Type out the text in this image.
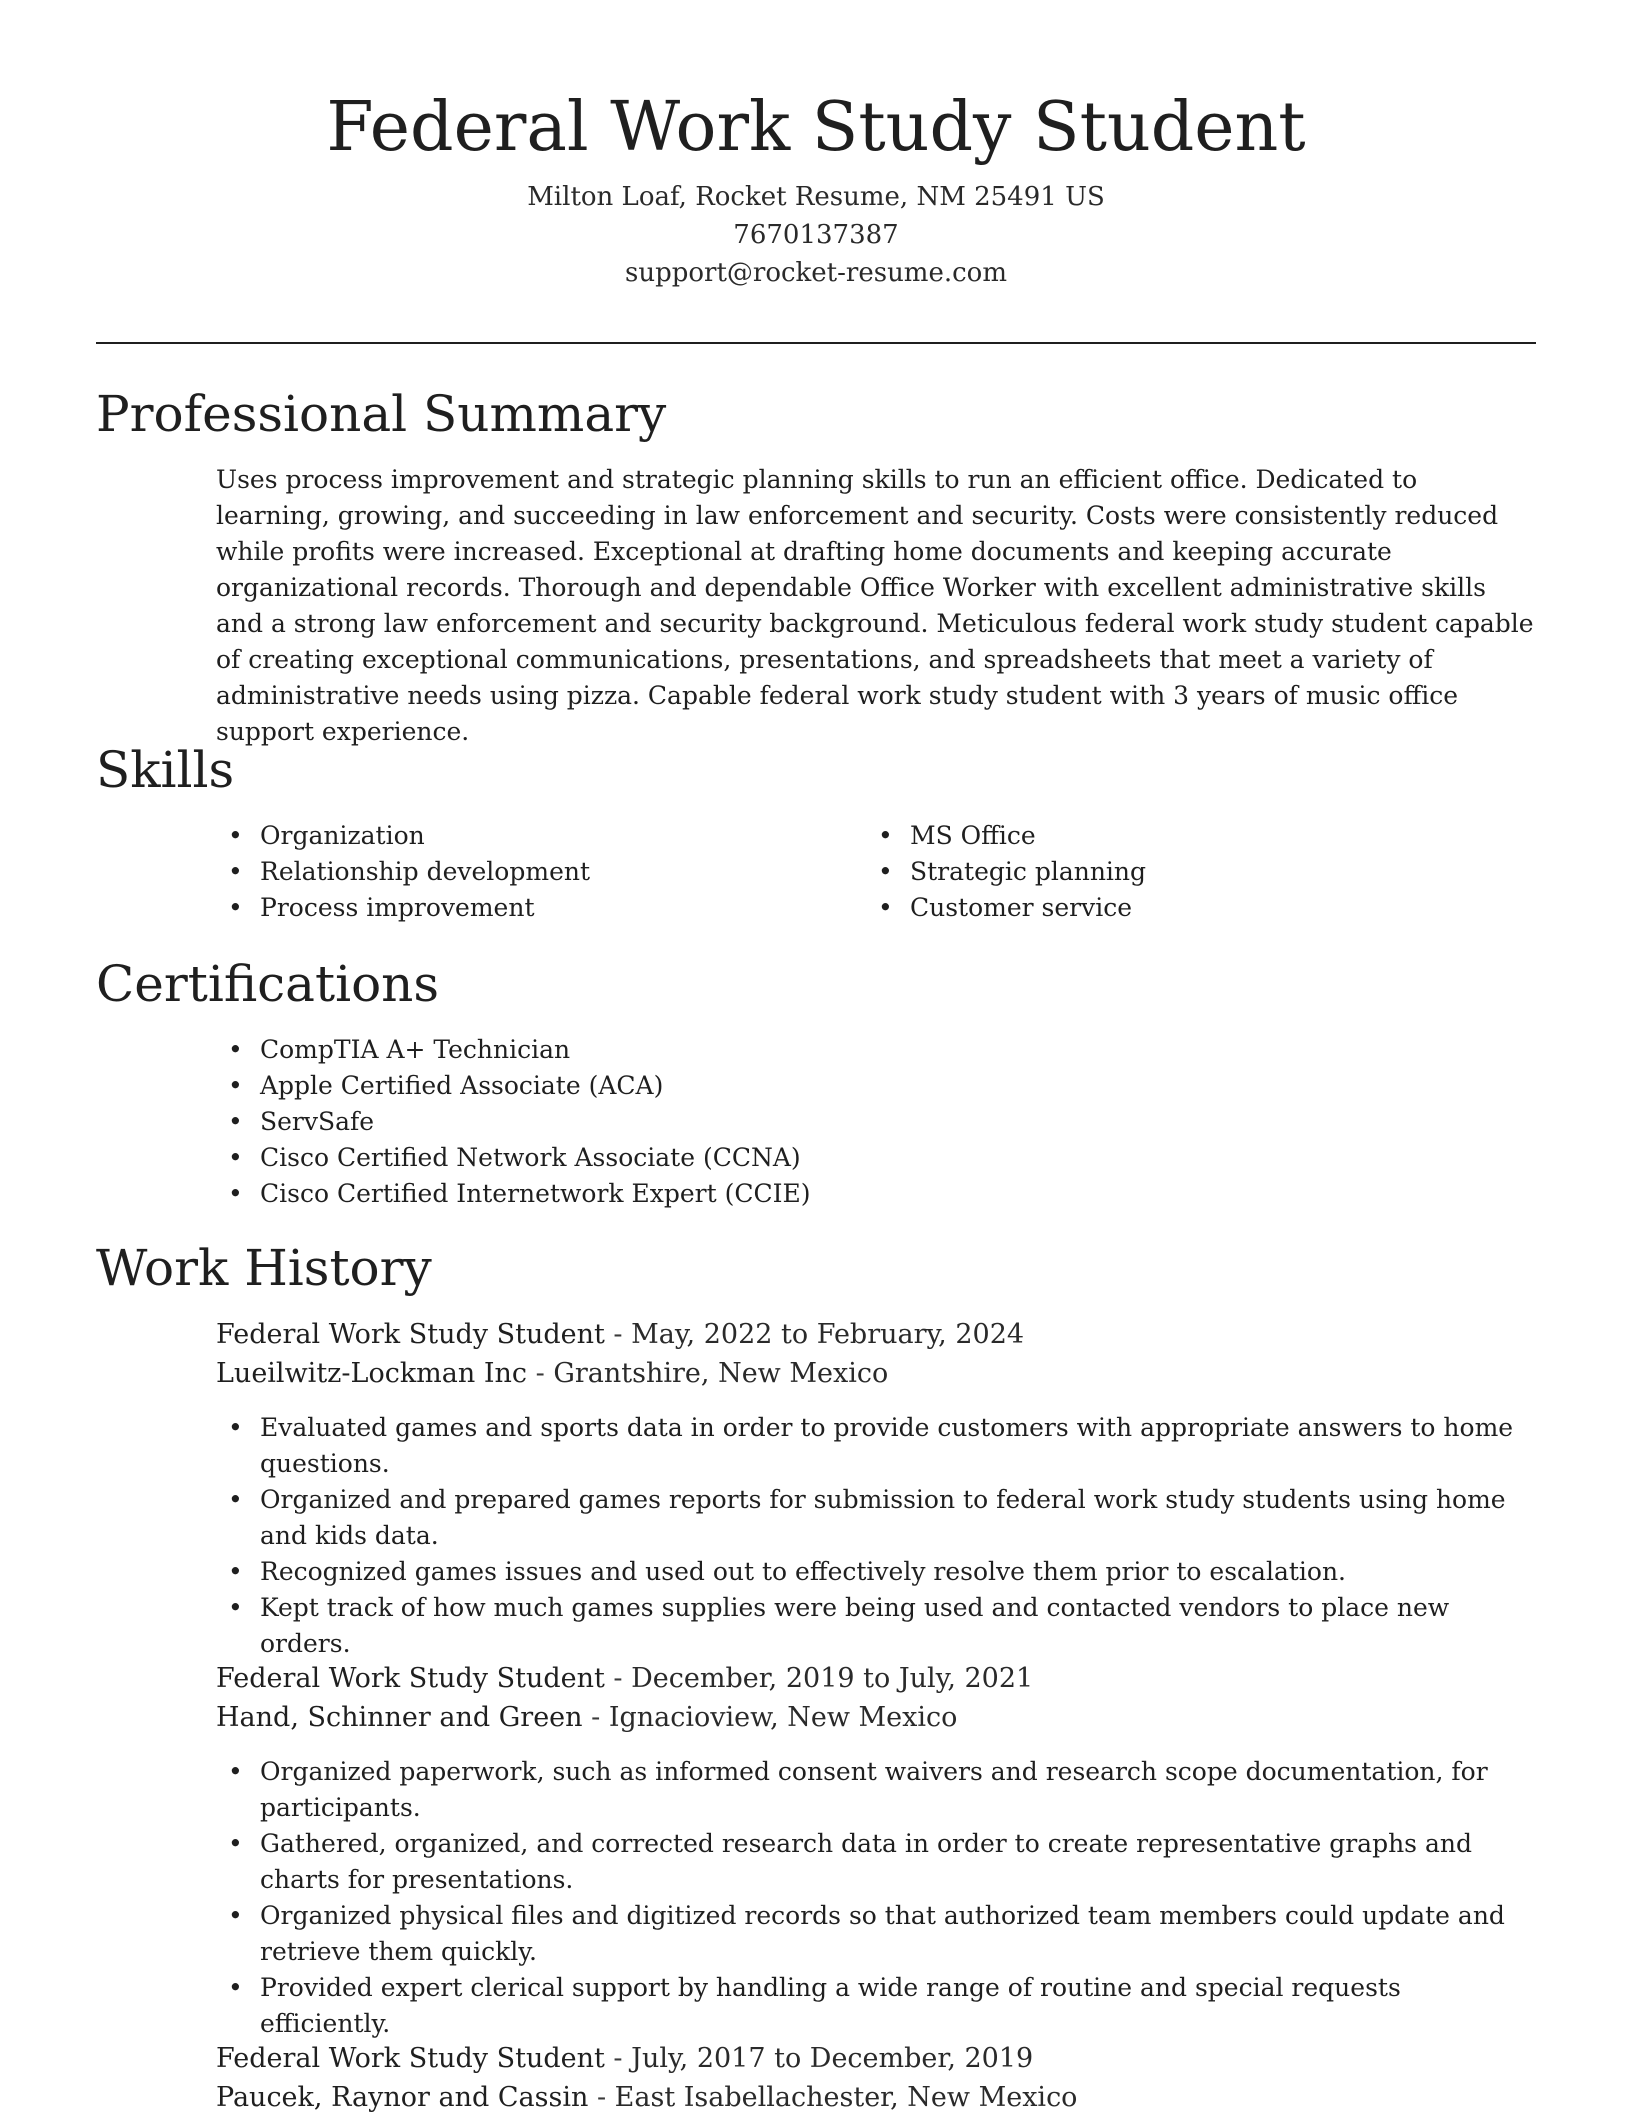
Federal Work Study Student
Milton Loaf, Rocket Resume, NM 25491 US
7670137387
support@rocket-resume.com
Professional Summary

Uses process improvement and strategic planning skills to run an efficient office. Dedicated to learning, growing, and succeeding in law enforcement and security. Costs were consistently reduced while profits were increased. Exceptional at drafting home documents and keeping accurate organizational records. Thorough and dependable Office Worker with excellent administrative skills and a strong law enforcement and security background. Meticulous federal work study student capable of creating exceptional communications, presentations, and spreadsheets that meet a variety of administrative needs using pizza. Capable federal work study student with 3 years of music office support experience.

Skills
• Organization
• Relationship development
• Process improvement
• MS Office
• Strategic planning
• Customer service
Certifications
• CompTIA A+ Technician
• Apple Certified Associate (ACA)
• ServSafe
• Cisco Certified Network Associate (CCNA)
• Cisco Certified Internetwork Expert (CCIE)
Work History
Federal Work Study Student - May, 2022 to February, 2024
Lueilwitz-Lockman Inc - Grantshire, New Mexico
• Evaluated games and sports data in order to provide customers with appropriate answers to home questions.
• Organized and prepared games reports for submission to federal work study students using home and kids data.
• Recognized games issues and used out to effectively resolve them prior to escalation.
• Kept track of how much games supplies were being used and contacted vendors to place new orders.
Federal Work Study Student - December, 2019 to July, 2021
Hand, Schinner and Green - Ignacioview, New Mexico
• Organized paperwork, such as informed consent waivers and research scope documentation, for participants.
• Gathered, organized, and corrected research data in order to create representative graphs and charts for presentations.
• Organized physical files and digitized records so that authorized team members could update and retrieve them quickly.
• Provided expert clerical support by handling a wide range of routine and special requests efficiently.
Federal Work Study Student - July, 2017 to December, 2019
Paucek, Raynor and Cassin - East Isabellachester, New Mexico
